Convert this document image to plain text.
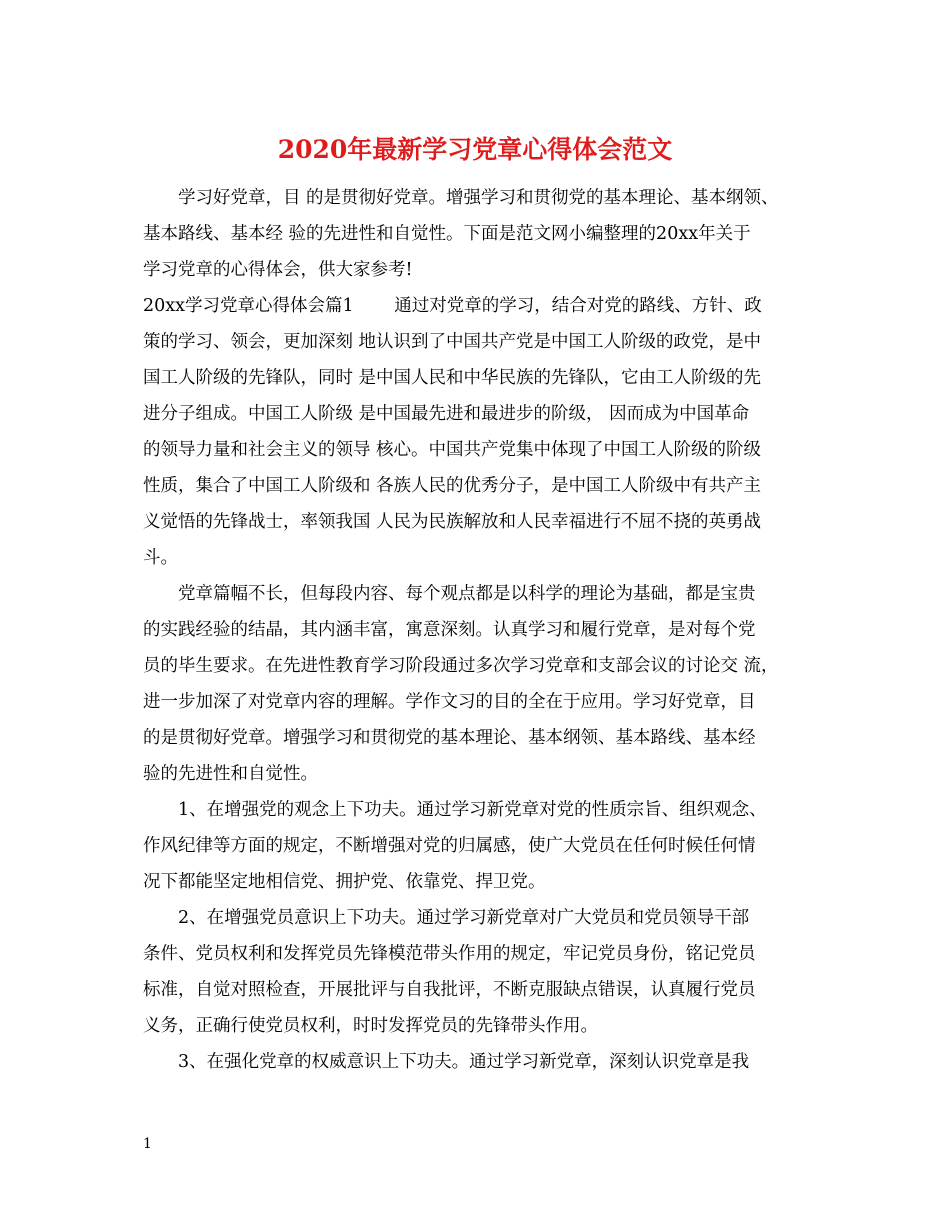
2020年最新学习党章心得体会范文
学习好党章，目 的是贯彻好党章。增强学习和贯彻党的基本理论、基本纲领、
基本路线、基本经 验的先进性和自觉性。下面是范文网小编整理的20xx年关于
学习党章的心得体会，供大家参考!
20xx学习党章心得体会篇1　　 通过对党章的学习，结合对党的路线、方针、政
策的学习、领会，更加深刻 地认识到了中国共产党是中国工人阶级的政党，是中
国工人阶级的先锋队，同时 是中国人民和中华民族的先锋队，它由工人阶级的先
进分子组成。中国工人阶级 是中国最先进和最进步的阶级， 因而成为中国革命
的领导力量和社会主义的领导 核心。中国共产党集中体现了中国工人阶级的阶级
性质，集合了中国工人阶级和 各族人民的优秀分子，是中国工人阶级中有共产主
义觉悟的先锋战士，率领我国 人民为民族解放和人民幸福进行不屈不挠的英勇战
斗。
党章篇幅不长，但每段内容、每个观点都是以科学的理论为基础，都是宝贵
的实践经验的结晶，其内涵丰富，寓意深刻。认真学习和履行党章，是对每个党
员的毕生要求。在先进性教育学习阶段通过多次学习党章和支部会议的讨论交 流，
进一步加深了对党章内容的理解。学作文习的目的全在于应用。学习好党章，目
的是贯彻好党章。增强学习和贯彻党的基本理论、基本纲领、基本路线、基本经
验的先进性和自觉性。
1、在增强党的观念上下功夫。通过学习新党章对党的性质宗旨、组织观念、
作风纪律等方面的规定，不断增强对党的归属感，使广大党员在任何时候任何情
况下都能坚定地相信党、拥护党、依靠党、捍卫党。
2、在增强党员意识上下功夫。通过学习新党章对广大党员和党员领导干部
条件、党员权利和发挥党员先锋模范带头作用的规定，牢记党员身份，铭记党员
标准，自觉对照检查，开展批评与自我批评，不断克服缺点错误，认真履行党员
义务，正确行使党员权利，时时发挥党员的先锋带头作用。
3、在强化党章的权威意识上下功夫。通过学习新党章，深刻认识党章是我
1
